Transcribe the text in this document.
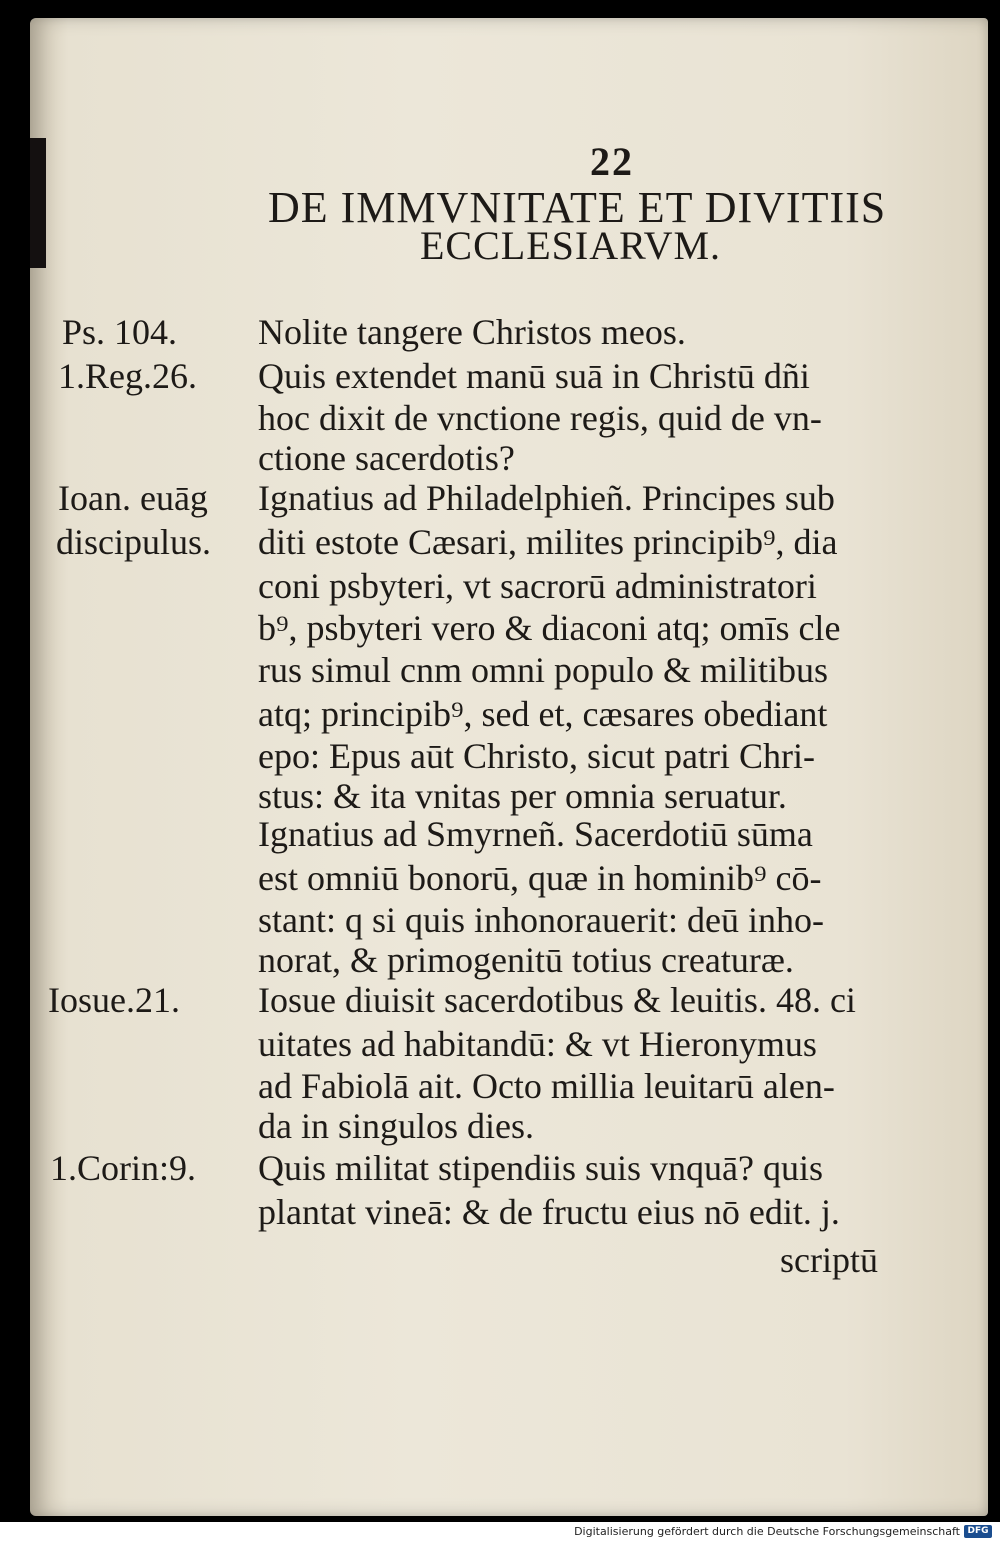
22
DE IMMVNITATE ET DIVITIIS
ECCLESIARVM.
Ps. 104.
1.Reg.26.
Ioan. euāg
discipulus.
Iosue.21.
1.Corin:9.
Nolite tangere Christos meos.
Quis extendet manū suā in Christū dñi
hoc dixit de vnctione regis, quid de vn-
ctione sacerdotis?
Ignatius ad Philadelphieñ. Principes sub
diti estote Cæsari, milites principib⁹, dia
coni psbyteri, vt sacrorū administratori
b⁹, psbyteri vero & diaconi atq; omīs cle
rus simul cnm omni populo & militibus
atq; principib⁹, sed et, cæsares obediant
epo: Epus aūt Christo, sicut patri Chri-
stus: & ita vnitas per omnia seruatur.
Ignatius ad Smyrneñ. Sacerdotiū sūma
est omniū bonorū, quæ in hominib⁹ cō-
stant: q si quis inhonorauerit: deū inho-
norat, & primogenitū totius creaturæ.
Iosue diuisit sacerdotibus & leuitis. 48. ci
uitates ad habitandū: & vt Hieronymus
ad Fabiolā ait. Octo millia leuitarū alen-
da in singulos dies.
Quis militat stipendiis suis vnquā? quis
plantat vineā: & de fructu eius nō edit. j.
scriptū
Digitalisierung gefördert durch die Deutsche Forschungsgemeinschaft DFG
